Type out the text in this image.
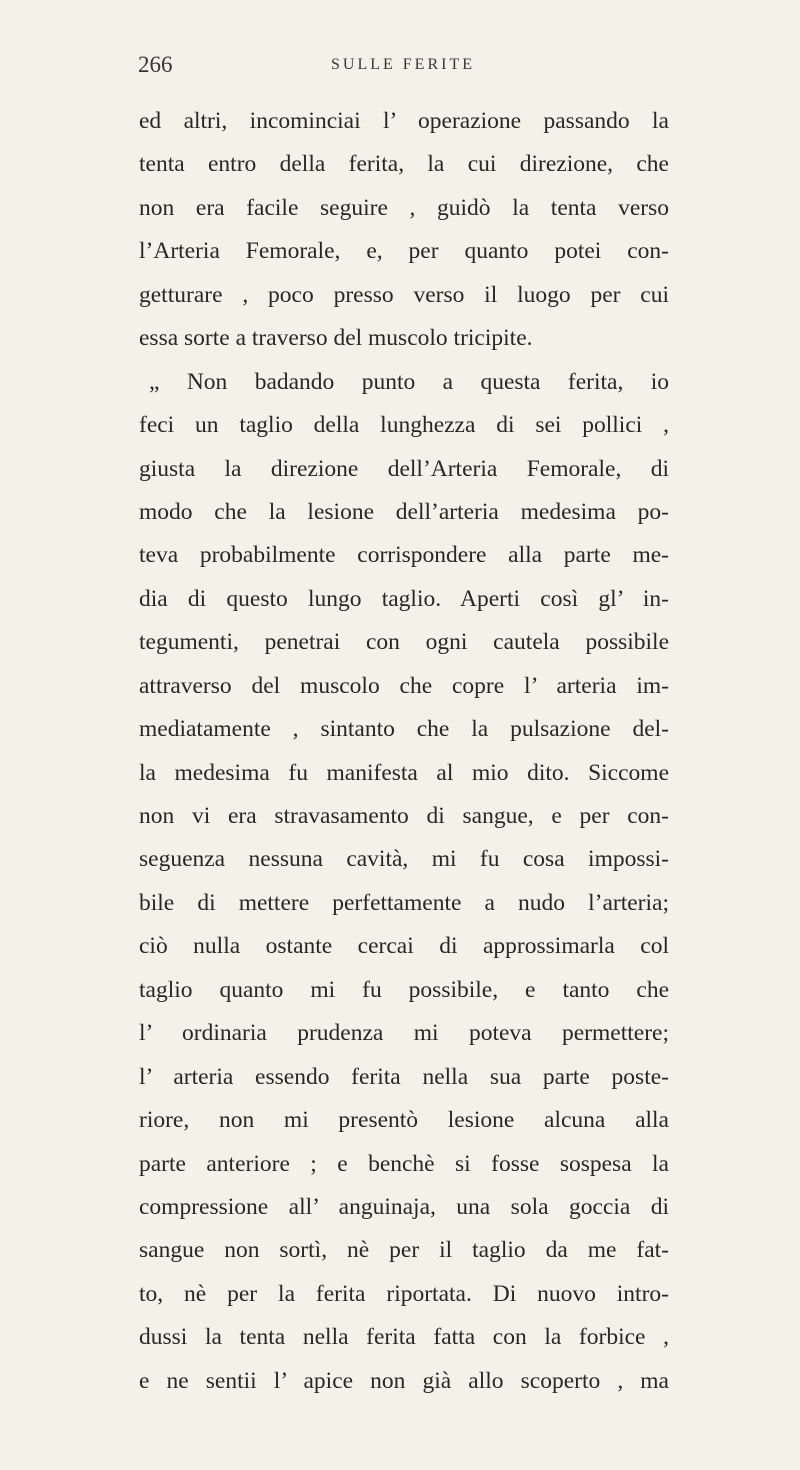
266	SULLE FERITE
ed altri, incominciai l’ operazione passando la
tenta entro della ferita, la cui direzione, che
non era facile seguire , guidò la tenta verso
l’Arteria Femorale, e, per quanto potei con-
getturare , poco presso verso il luogo per cui
essa sorte a traverso del muscolo tricipite.
„ Non badando punto a questa ferita, io
feci un taglio della lunghezza di sei pollici ,
giusta la direzione dell’Arteria Femorale, di
modo che la lesione dell’arteria medesima po-
teva probabilmente corrispondere alla parte me-
dia di questo lungo taglio. Aperti così gl’ in-
tegumenti, penetrai con ogni cautela possibile
attraverso del muscolo che copre l’ arteria im-
mediatamente , sintanto che la pulsazione del-
la medesima fu manifesta al mio dito. Siccome
non vi era stravasamento di sangue, e per con-
seguenza nessuna cavità, mi fu cosa impossi-
bile di mettere perfettamente a nudo l’arteria;
ciò nulla ostante cercai di approssimarla col
taglio quanto mi fu possibile, e tanto che
l’ ordinaria prudenza mi poteva permettere;
l’ arteria essendo ferita nella sua parte poste-
riore, non mi presentò lesione alcuna alla
parte anteriore ; e benchè si fosse sospesa la
compressione all’ anguinaja, una sola goccia di
sangue non sortì, nè per il taglio da me fat-
to, nè per la ferita riportata. Di nuovo intro-
dussi la tenta nella ferita fatta con la forbice ,
e ne sentii l’ apice non già allo scoperto , ma
